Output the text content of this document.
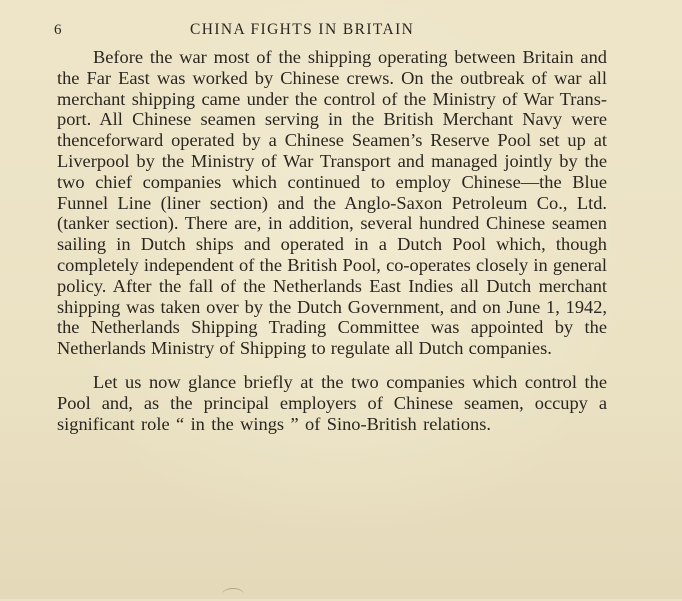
6	CHINA FIGHTS IN BRITAIN

Before the war most of the shipping operating between Britain and the Far East was worked by Chinese crews. On the outbreak of war all merchant shipping came under the control of the Ministry of War Transport. All Chinese seamen serving in the British Merchant Navy were thenceforward operated by a Chinese Seamen’s Reserve Pool set up at Liverpool by the Ministry of War Transport and managed jointly by the two chief companies which continued to employ Chinese—the Blue Funnel Line (liner section) and the Anglo-Saxon Petroleum Co., Ltd. (tanker section). There are, in addition, several hundred Chinese seamen sailing in Dutch ships and operated in a Dutch Pool which, though completely independent of the British Pool, co-operates closely in general policy. After the fall of the Netherlands East Indies all Dutch merchant shipping was taken over by the Dutch Government, and on June 1, 1942, the Netherlands Shipping Trading Committee was appointed by the Netherlands Ministry of Shipping to regulate all Dutch companies.

Let us now glance briefly at the two companies which control the Pool and, as the principal employers of Chinese seamen, occupy a significant role “ in the wings ” of Sino-British relations.
